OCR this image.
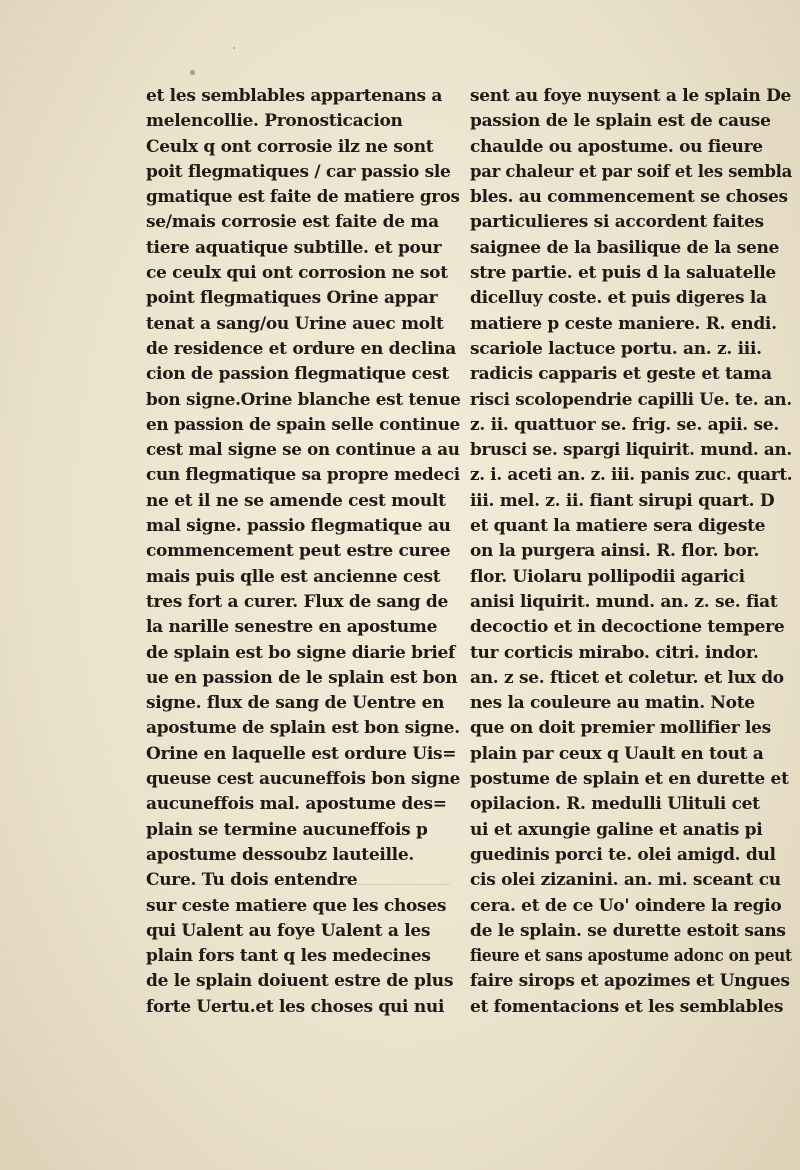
et les semblables appartenans a
melencollie. Pronosticacion
Ceulx q ont corrosie ilz ne sont
poit flegmatiques / car passio sle
gmatique est faite de matiere gros
se/mais corrosie est faite de ma
tiere aquatique subtille. et pour
ce ceulx qui ont corrosion ne sot
point flegmatiques Orine appar
tenat a sang/ou Urine auec molt
de residence et ordure en declina
cion de passion flegmatique cest
bon signe.Orine blanche est tenue
en passion de spain selle continue
cest mal signe se on continue a au
cun flegmatique sa propre medeci
ne et il ne se amende cest moult
mal signe. passio flegmatique au
commencement peut estre curee
mais puis qlle est ancienne cest
tres fort a curer. Flux de sang de
la narille senestre en apostume
de splain est bo signe diarie brief
ue en passion de le splain est bon
signe. flux de sang de Uentre en
apostume de splain est bon signe.
Orine en laquelle est ordure Uis=
queuse cest aucuneffois bon signe
aucuneffois mal. apostume des=
plain se termine aucuneffois p
apostume dessoubz lauteille.
Cure. Tu dois entendre
sur ceste matiere que les choses
qui Ualent au foye Ualent a les
plain fors tant q les medecines
de le splain doiuent estre de plus
forte Uertu.et les choses qui nui
sent au foye nuysent a le splain De
passion de le splain est de cause
chaulde ou apostume. ou fieure
par chaleur et par soif et les sembla
bles. au commencement se choses
particulieres si accordent faites
saignee de la basilique de la sene
stre partie. et puis d la saluatelle
dicelluy coste. et puis digeres la
matiere p ceste maniere. R. endi.
scariole lactuce portu. an. z. iii.
radicis capparis et geste et tama
risci scolopendrie capilli Ue. te. an.
z. ii. quattuor se. frig. se. apii. se.
brusci se. spargi liquirit. mund. an.
z. i. aceti an. z. iii. panis zuc. quart.
iii. mel. z. ii. fiant sirupi quart. D
et quant la matiere sera digeste
on la purgera ainsi. R. flor. bor.
flor. Uiolaru pollipodii agarici
anisi liquirit. mund. an. z. se. fiat
decoctio et in decoctione tempere
tur corticis mirabo. citri. indor.
an. z se. fticet et coletur. et lux do
nes la couleure au matin. Note
que on doit premier mollifier les
plain par ceux q Uault en tout a
postume de splain et en durette et
opilacion. R. medulli Ulituli cet
ui et axungie galine et anatis pi
guedinis porci te. olei amigd. dul
cis olei zizanini. an. mi. sceant cu
cera. et de ce Uo' oindere la regio
de le splain. se durette estoit sans
fieure et sans apostume adonc on peut
faire sirops et apozimes et Ungues
et fomentacions et les semblables
